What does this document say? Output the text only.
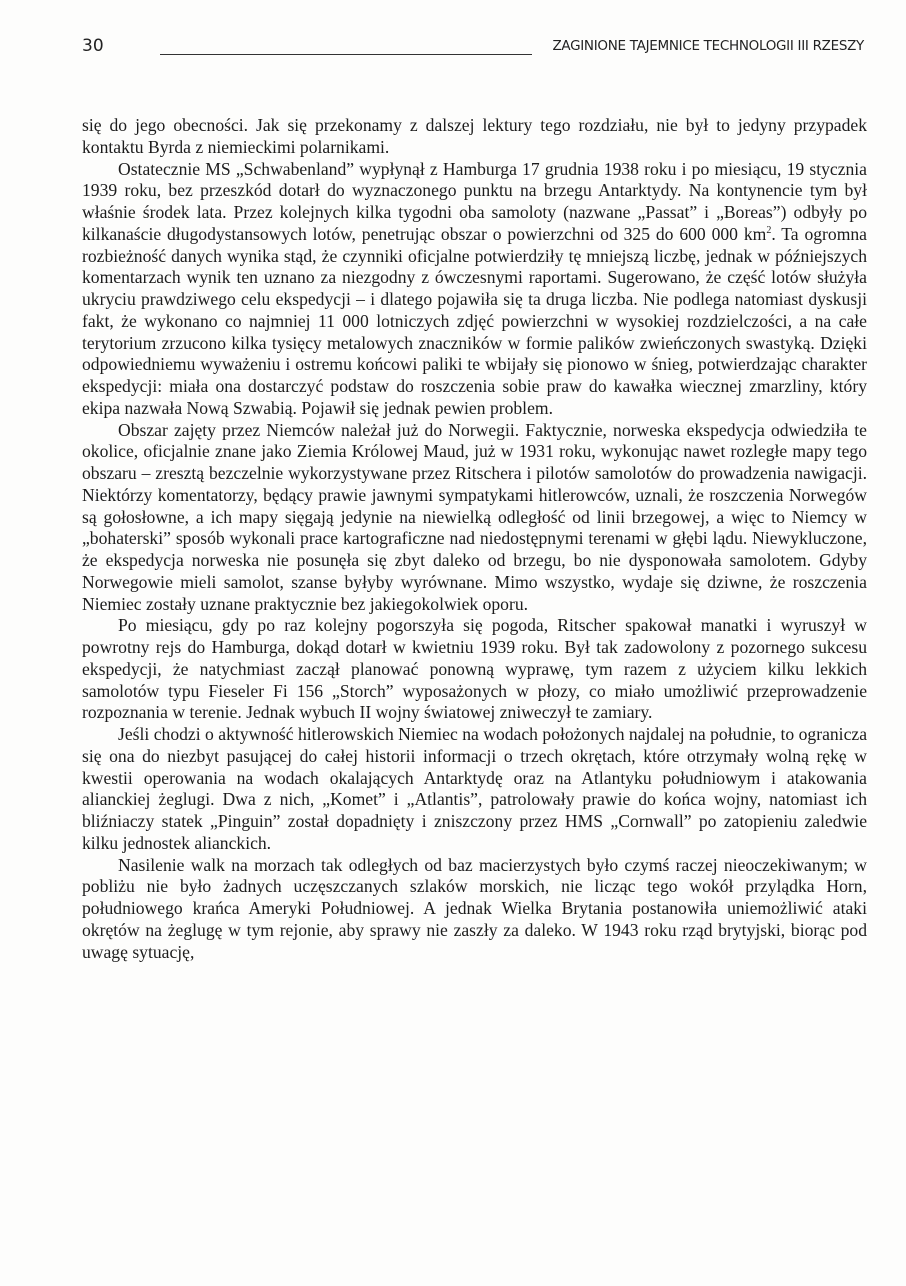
30	ZAGINIONE TAJEMNICE TECHNOLOGII III RZESZY

się do jego obecności. Jak się przekonamy z dalszej lektury tego rozdziału, nie był to jedyny przypadek kontaktu Byrda z niemieckimi polarnikami.

Ostatecznie MS „Schwabenland” wypłynął z Hamburga 17 grudnia 1938 roku i po miesiącu, 19 stycznia 1939 roku, bez przeszkód dotarł do wyznaczonego punktu na brzegu Antarktydy. Na kontynencie tym był właśnie środek lata. Przez kolejnych kilka tygodni oba samoloty (nazwane „Passat” i „Boreas”) odbyły po kilkanaście długodystansowych lotów, penetrując obszar o powierzchni od 325 do 600 000 $km^2$. Ta ogromna rozbieżność danych wynika stąd, że czynniki oficjalne potwierdziły tę mniejszą liczbę, jednak w późniejszych komentarzach wynik ten uznano za niezgodny z ówczesnymi raportami. Sugerowano, że część lotów służyła ukryciu prawdziwego celu ekspedycji – i dlatego pojawiła się ta druga liczba. Nie podlega natomiast dyskusji fakt, że wykonano co najmniej 11 000 lotniczych zdjęć powierzchni w wysokiej rozdzielczości, a na całe terytorium zrzucono kilka tysięcy metalowych znaczników w formie palików zwieńczonych swastyką. Dzięki odpowiedniemu wyważeniu i ostremu końcowi paliki te wbijały się pionowo w śnieg, potwierdzając charakter ekspedycji: miała ona dostarczyć podstaw do roszczenia sobie praw do kawałka wiecznej zmarzliny, który ekipa nazwała Nową Szwabią. Pojawił się jednak pewien problem.

Obszar zajęty przez Niemców należał już do Norwegii. Faktycznie, norweska ekspedycja odwiedziła te okolice, oficjalnie znane jako Ziemia Królowej Maud, już w 1931 roku, wykonując nawet rozległe mapy tego obszaru – zresztą bezczelnie wykorzystywane przez Ritschera i pilotów samolotów do prowadzenia nawigacji. Niektórzy komentatorzy, będący prawie jawnymi sympatykami hitlerowców, uznali, że roszczenia Norwegów są gołosłowne, a ich mapy sięgają jedynie na niewielką odległość od linii brzegowej, a więc to Niemcy w „bohaterski” sposób wykonali prace kartograficzne nad niedostępnymi terenami w głębi lądu. Niewykluczone, że ekspedycja norweska nie posunęła się zbyt daleko od brzegu, bo nie dysponowała samolotem. Gdyby Norwegowie mieli samolot, szanse byłyby wyrównane. Mimo wszystko, wydaje się dziwne, że roszczenia Niemiec zostały uznane praktycznie bez jakiegokolwiek oporu.

Po miesiącu, gdy po raz kolejny pogorszyła się pogoda, Ritscher spakował manatki i wyruszył w powrotny rejs do Hamburga, dokąd dotarł w kwietniu 1939 roku. Był tak zadowolony z pozornego sukcesu ekspedycji, że natychmiast zaczął planować ponowną wyprawę, tym razem z użyciem kilku lekkich samolotów typu Fieseler Fi 156 „Storch” wyposażonych w płozy, co miało umożliwić przeprowadzenie rozpoznania w terenie. Jednak wybuch II wojny światowej zniweczył te zamiary.

Jeśli chodzi o aktywność hitlerowskich Niemiec na wodach położonych najdalej na południe, to ogranicza się ona do niezbyt pasującej do całej historii informacji o trzech okrętach, które otrzymały wolną rękę w kwestii operowania na wodach okalających Antarktydę oraz na Atlantyku południowym i atakowania alianckiej żeglugi. Dwa z nich, „Komet” i „Atlantis”, patrolowały prawie do końca wojny, natomiast ich bliźniaczy statek „Pinguin” został dopadnięty i zniszczony przez HMS „Cornwall” po zatopieniu zaledwie kilku jednostek alianckich.

Nasilenie walk na morzach tak odległych od baz macierzystych było czymś raczej nieoczekiwanym; w pobliżu nie było żadnych uczęszczanych szlaków morskich, nie licząc tego wokół przylądka Horn, południowego krańca Ameryki Południowej. A jednak Wielka Brytania postanowiła uniemożliwić ataki okrętów na żeglugę w tym rejonie, aby sprawy nie zaszły za daleko. W 1943 roku rząd brytyjski, biorąc pod uwagę sytuację,
